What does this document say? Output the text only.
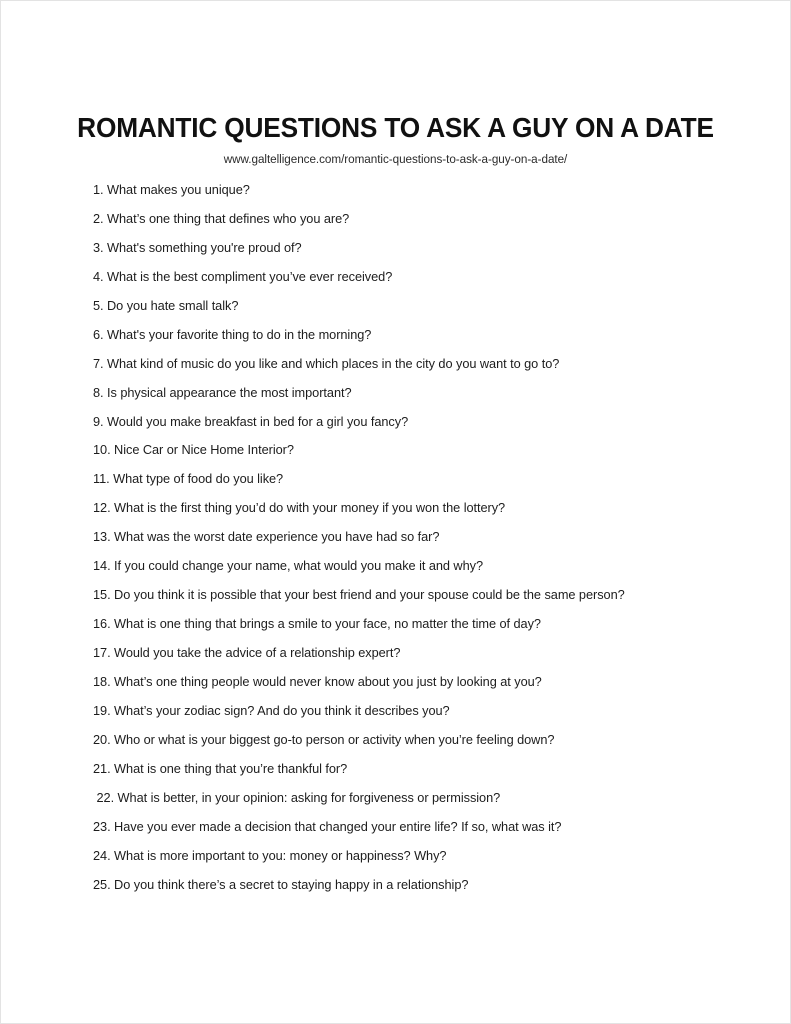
ROMANTIC QUESTIONS TO ASK A GUY ON A DATE
www.galtelligence.com/romantic-questions-to-ask-a-guy-on-a-date/
1. What makes you unique?
2. What’s one thing that defines who you are?
3. What's something you're proud of?
4. What is the best compliment you’ve ever received?
5. Do you hate small talk?
6. What's your favorite thing to do in the morning?
7. What kind of music do you like and which places in the city do you want to go to?
8. Is physical appearance the most important?
9. Would you make breakfast in bed for a girl you fancy?
10. Nice Car or Nice Home Interior?
11. What type of food do you like?
12. What is the first thing you’d do with your money if you won the lottery?
13. What was the worst date experience you have had so far?
14. If you could change your name, what would you make it and why?
15. Do you think it is possible that your best friend and your spouse could be the same person?
16. What is one thing that brings a smile to your face, no matter the time of day?
17. Would you take the advice of a relationship expert?
18. What’s one thing people would never know about you just by looking at you?
19. What’s your zodiac sign? And do you think it describes you?
20. Who or what is your biggest go-to person or activity when you’re feeling down?
21. What is one thing that you’re thankful for?
22. What is better, in your opinion: asking for forgiveness or permission?
23. Have you ever made a decision that changed your entire life? If so, what was it?
24. What is more important to you: money or happiness? Why?
25. Do you think there’s a secret to staying happy in a relationship?
